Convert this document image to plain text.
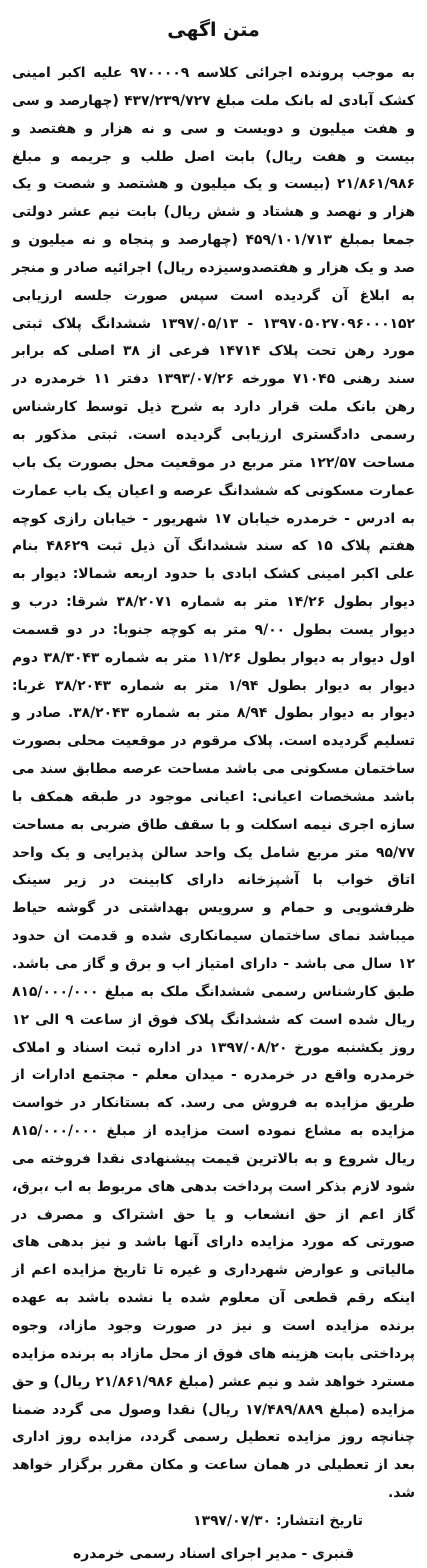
متن اگهی

به موجب پرونده اجرائی کلاسه ۹۷۰۰۰۰۹ علیه اکبر امینی کشک آبادی له بانک ملت مبلغ ۴۳۷/۲۳۹/۷۲۷ (چهارصد و سی و هفت میلیون و دویست و سی و نه هزار و هفتصد و بیست و هفت ریال) بابت اصل طلب و جریمه و مبلغ ۲۱/۸۶۱/۹۸۶ (بیست و یک میلیون و هشتصد و شصت و یک هزار و نهصد و هشتاد و شش ریال) بابت نیم عشر دولتی جمعا بمبلغ ۴۵۹/۱۰۱/۷۱۳ (چهارصد و پنجاه و نه میلیون و صد و یک هزار و هفتصدوسیزده ریال) اجرائیه صادر و منجر به ابلاغ آن گردیده است سپس صورت جلسه ارزیابی ۱۳۹۷۰۵۰۲۷۰۹۶۰۰۰۱۵۲ - ۱۳۹۷/۰۵/۱۳ ششدانگ پلاک ثبتی مورد رهن تحت پلاک ۱۴۷۱۴ فرعی از ۳۸ اصلی که برابر سند رهنی ۷۱۰۴۵ مورخه ۱۳۹۳/۰۷/۲۶ دفتر ۱۱ خرمدره در رهن بانک ملت قرار دارد به شرح ذیل توسط کارشناس رسمی دادگستری ارزیابی گردیده است. ثبتی مذکور به مساحت ۱۲۲/۵۷ متر مربع در موقعیت محل بصورت یک باب عمارت مسکونی که ششدانگ عرصه و اعیان یک باب عمارت به ادرس - خرمدره خیابان ۱۷ شهریور - خیابان رازی کوچه هفتم پلاک ۱۵ که سند ششدانگ آن ذیل ثبت ۴۸۶۲۹ بنام علی اکبر امینی کشک ابادی با حدود اربعه شمالا: دیوار به دیوار بطول ۱۴/۲۶ متر به شماره ۳۸/۲۰۷۱ شرقا: درب و دیوار یست بطول ۹/۰۰ متر به کوچه جنوبا: در دو قسمت اول دیوار به دیوار بطول ۱۱/۲۶ متر به شماره ۳۸/۳۰۴۳ دوم دیوار به دیوار بطول ۱/۹۴ متر به شماره ۳۸/۲۰۴۳ غربا: دیوار به دیوار بطول ۸/۹۴ متر به شماره ۳۸/۲۰۴۳. صادر و تسلیم گردیده است. پلاک مرقوم در موقعیت محلی بصورت ساختمان مسکونی می باشد مساحت عرصه مطابق سند می باشد مشخصات اعیانی: اعیانی موجود در طبقه همکف با سازه اجری نیمه اسکلت و با سقف طاق ضربی به مساحت ۹۵/۷۷ متر مربع شامل یک واحد سالن پذیرایی و یک واحد اتاق خواب با آشپزخانه دارای کابینت در زیر سینک ظرفشویی و حمام و سرویس بهداشتی در گوشه حیاط میباشد نمای ساختمان سیمانکاری شده و قدمت ان حدود ۱۲ سال می باشد - دارای امتیاز اب و برق و گاز می باشد. طبق کارشناس رسمی ششدانگ ملک به مبلغ ۸۱۵/۰۰۰/۰۰۰ ریال شده است که ششدانگ پلاک فوق از ساعت ۹ الی ۱۲ روز یکشنبه مورخ ۱۳۹۷/۰۸/۲۰ در اداره ثبت اسناد و املاک خرمدره واقع در خرمدره - میدان معلم - مجتمع ادارات از طریق مزایده به فروش می رسد. که بستانکار در خواست مزایده به مشاع نموده است مزایده از مبلغ ۸۱۵/۰۰۰/۰۰۰ ریال شروع و به بالاترین قیمت پیشنهادی نقدا فروخته می شود لازم بذکر است پرداخت بدهی های مربوط به اب ،برق، گاز اعم از حق انشعاب و یا حق اشتراک و مصرف در صورتی که مورد مزایده دارای آنها باشد و نیز بدهی های مالیاتی و عوارض شهرداری و غیره تا تاریخ مزایده اعم از اینکه رقم قطعی آن معلوم شده یا نشده باشد به عهده برنده مزایده است و نیز در صورت وجود مازاد، وجوه پرداختی بابت هزینه های فوق از محل مازاد به برنده مزایده مسترد خواهد شد و نیم عشر (مبلغ ۲۱/۸۶۱/۹۸۶ ریال) و حق مزایده (مبلغ ۱۷/۴۸۹/۸۸۹ ریال) نقدا وصول می گردد ضمنا چنانچه روز مزایده تعطیل رسمی گردد، مزایده روز اداری بعد از تعطیلی در همان ساعت و مکان مقرر برگزار خواهد شد.

تاریخ انتشار: ۱۳۹۷/۰۷/۳۰

قنبری - مدیر اجرای اسناد رسمی خرمدره
